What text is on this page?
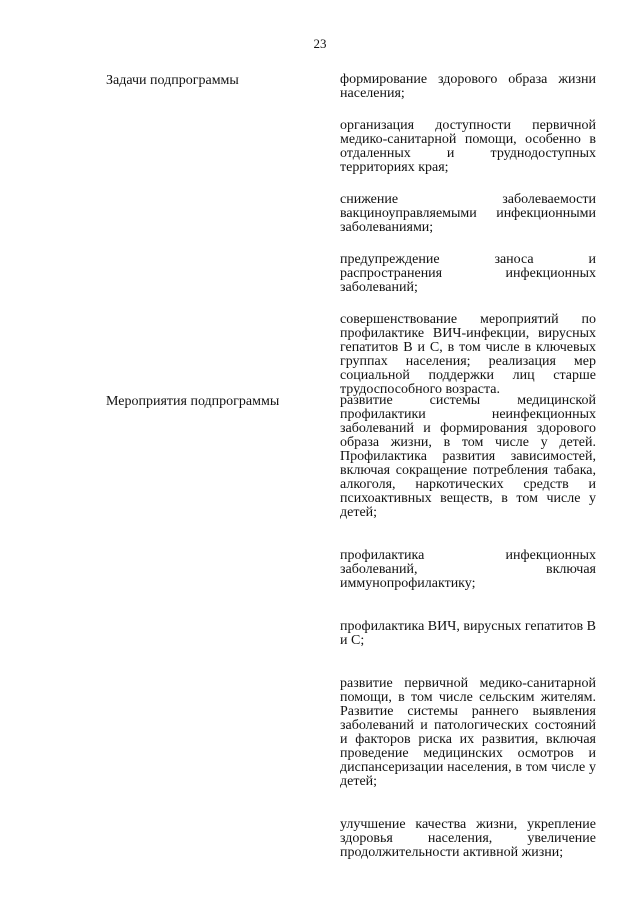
23
Задачи подпрограммы	формирование здорового образа жизни населения;
организация доступности первичной медико-санитарной помощи, особенно в отдаленных и труднодоступных территориях края;
снижение заболеваемости вакциноуправляемыми инфекционными заболеваниями;
предупреждение заноса и распространения инфекционных заболеваний;
совершенствование мероприятий по профилактике ВИЧ-инфекции, вирусных гепатитов В и С, в том числе в ключевых группах населения; реализация мер социальной поддержки лиц старше трудоспособного возраста.
Мероприятия подпрограммы	развитие системы медицинской профилактики неинфекционных заболеваний и формирования здорового образа жизни, в том числе у детей. Профилактика развития зависимостей, включая сокращение потребления табака, алкоголя, наркотических средств и психоактивных веществ, в том числе у детей;
профилактика инфекционных заболеваний, включая иммунопрофилактику;
профилактика ВИЧ, вирусных гепатитов В и С;
развитие первичной медико-санитарной помощи, в том числе сельским жителям. Развитие системы раннего выявления заболеваний и патологических состояний и факторов риска их развития, включая проведение медицинских осмотров и диспансеризации населения, в том числе у детей;
улучшение качества жизни, укрепление здоровья населения, увеличение продолжительности активной жизни;
